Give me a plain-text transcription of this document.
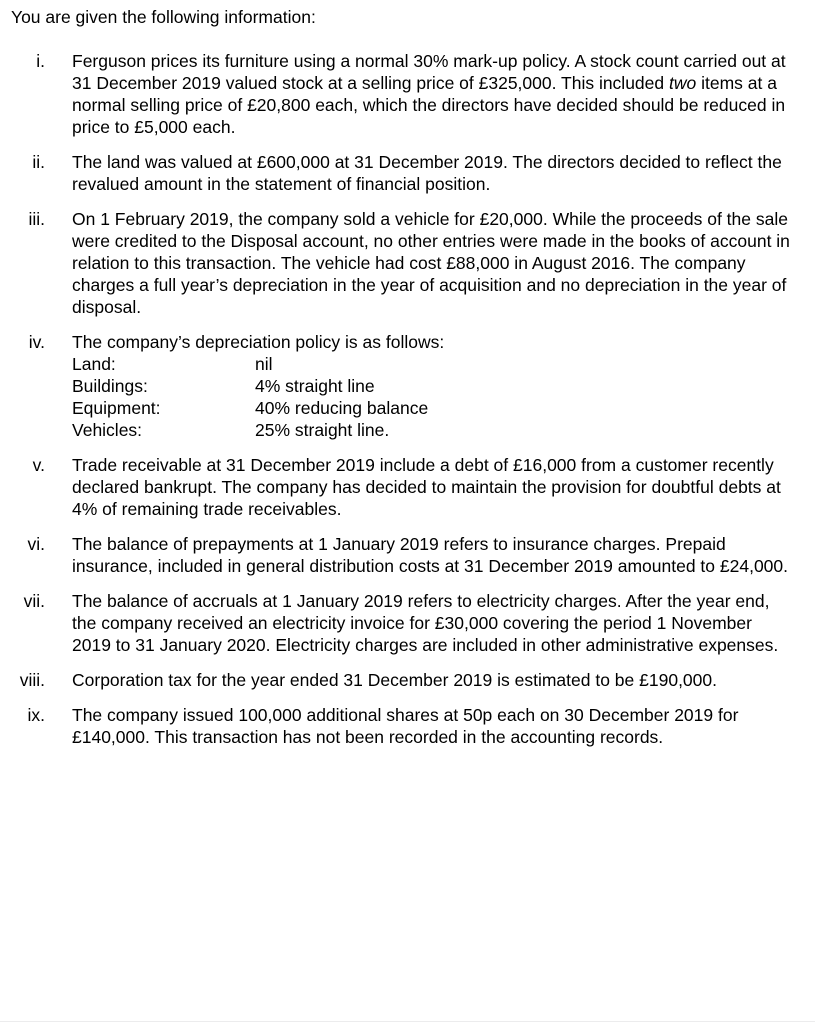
You are given the following information:
i. Ferguson prices its furniture using a normal 30% mark-up policy. A stock count carried out at 31 December 2019 valued stock at a selling price of £325,000. This included two items at a normal selling price of £20,800 each, which the directors have decided should be reduced in price to £5,000 each.

ii. The land was valued at £600,000 at 31 December 2019. The directors decided to reflect the revalued amount in the statement of financial position.

iii. On 1 February 2019, the company sold a vehicle for £20,000. While the proceeds of the sale were credited to the Disposal account, no other entries were made in the books of account in relation to this transaction. The vehicle had cost £88,000 in August 2016. The company charges a full year’s depreciation in the year of acquisition and no depreciation in the year of disposal.

iv. The company’s depreciation policy is as follows:

Land:	nil
Buildings:	4% straight line
Equipment:	40% reducing balance
Vehicles:	25% straight line.
v. Trade receivable at 31 December 2019 include a debt of £16,000 from a customer recently declared bankrupt. The company has decided to maintain the provision for doubtful debts at 4% of remaining trade receivables.

vi. The balance of prepayments at 1 January 2019 refers to insurance charges. Prepaid insurance, included in general distribution costs at 31 December 2019 amounted to £24,000.

vii. The balance of accruals at 1 January 2019 refers to electricity charges. After the year end, the company received an electricity invoice for £30,000 covering the period 1 November 2019 to 31 January 2020. Electricity charges are included in other administrative expenses.

viii. Corporation tax for the year ended 31 December 2019 is estimated to be £190,000.

ix. The company issued 100,000 additional shares at 50p each on 30 December 2019 for £140,000. This transaction has not been recorded in the accounting records.
